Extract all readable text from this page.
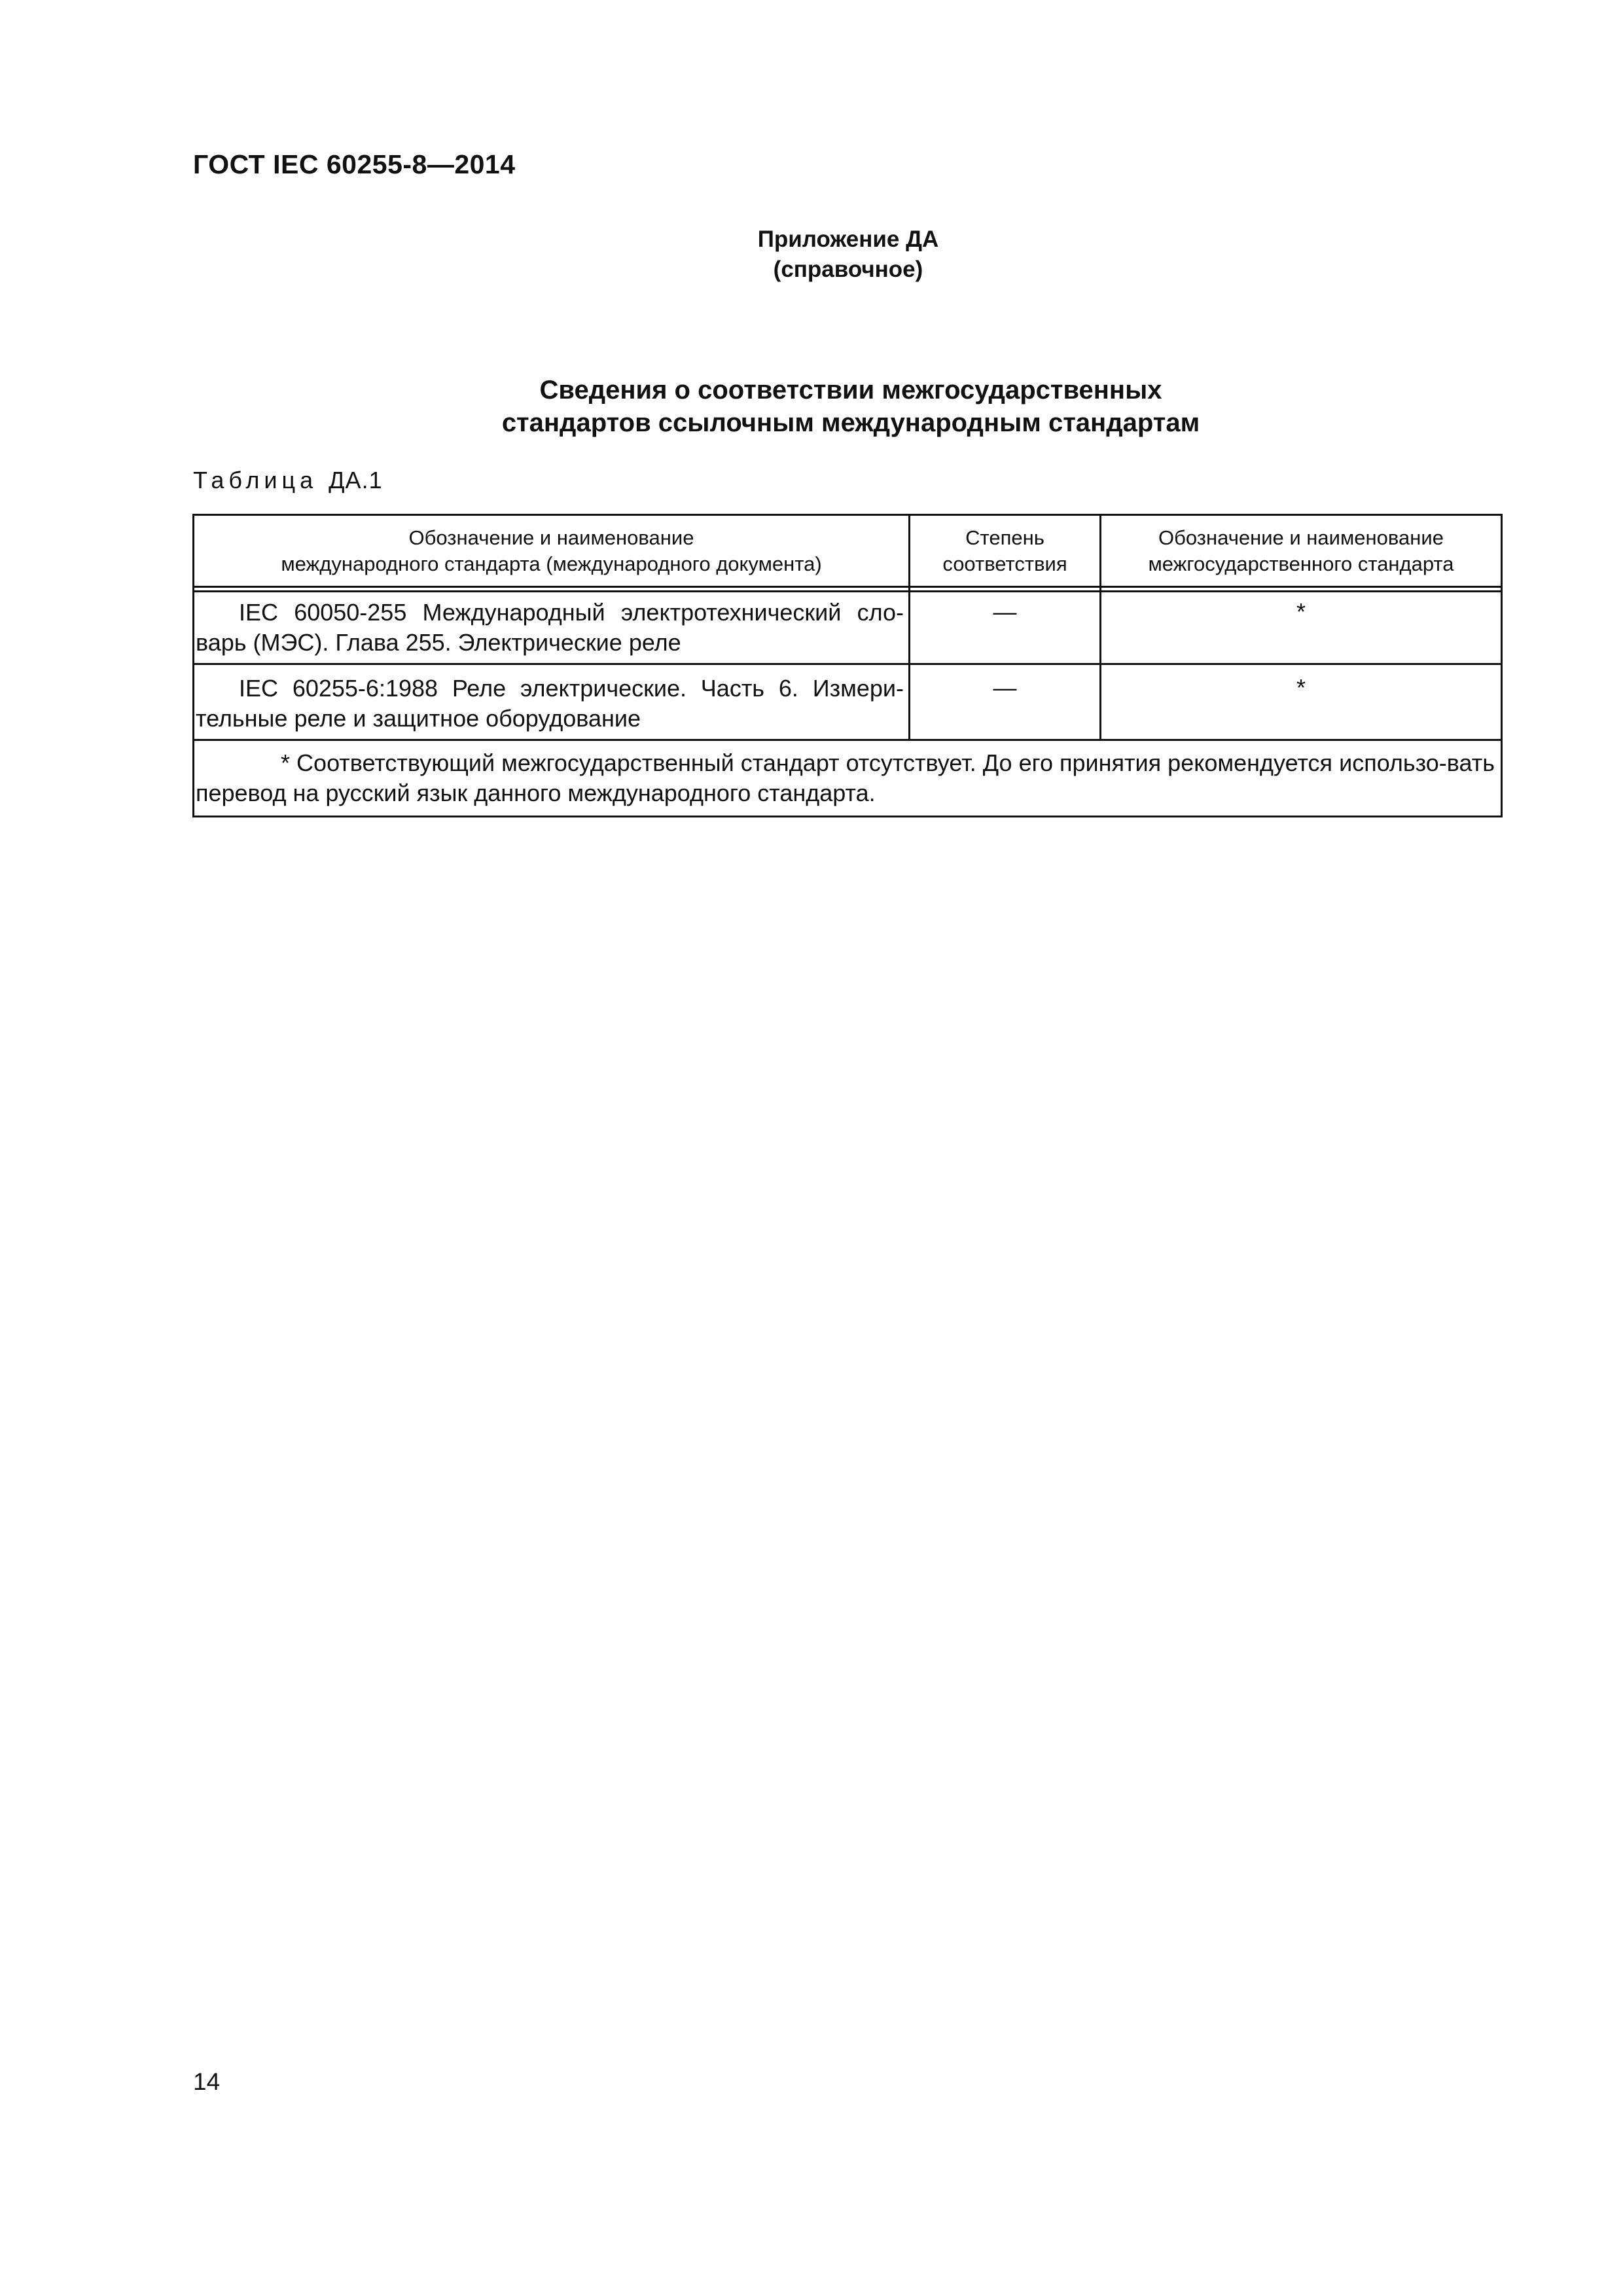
ГОСТ IEC 60255-8—2014
Приложение ДА
(справочное)
Сведения о соответствии межгосударственных
стандартов ссылочным международным стандартам
Таблица ДА.1
Обозначение и наименование
международного стандарта (международного документа)
Степень
соответствия
Обозначение и наименование
межгосударственного стандарта
IEC 60050-255 Международный электротехнический сло-варь (МЭС). Глава 255. Электрические реле
—	*
IEC 60255-6:1988 Реле электрические. Часть 6. Измери-тельные реле и защитное оборудование
—	*
* Соответствующий межгосударственный стандарт отсутствует. До его принятия рекомендуется использо-вать перевод на русский язык данного международного стандарта.
14
